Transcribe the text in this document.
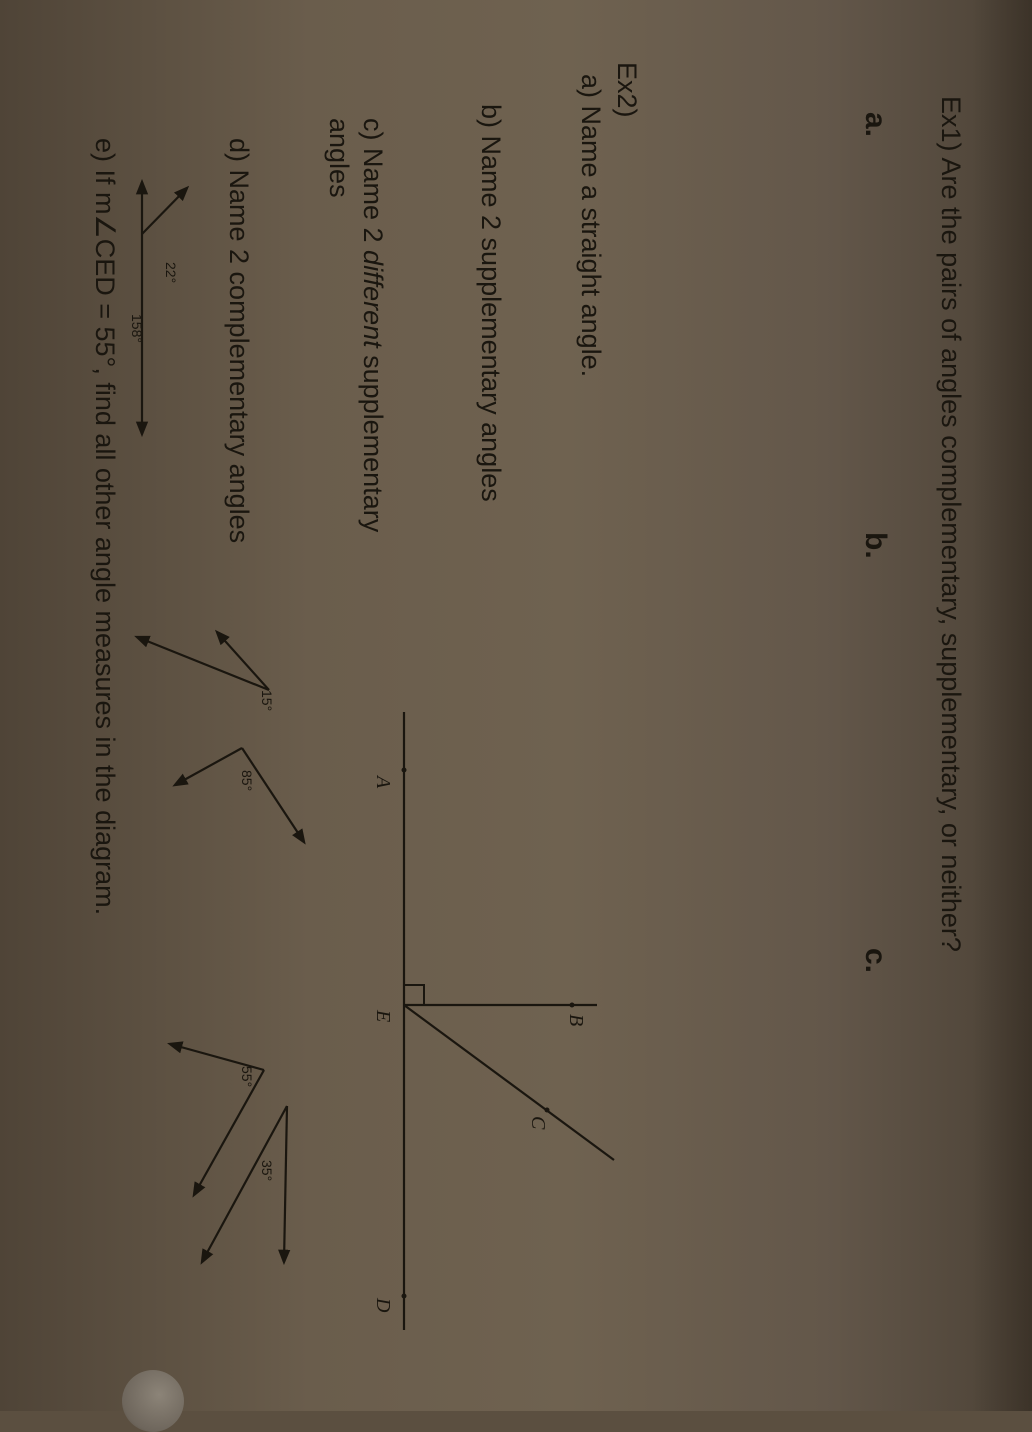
Ex1) Are the pairs of angles complementary, supplementary, or neither?
a.
b.
c.
22°
158°
15°
85°
55°
35°
A
B
C
D
E
Ex2)
a) Name a straight angle.
b) Name 2 supplementary angles
c) Name 2 different supplementary
angles
d) Name 2 complementary angles
e) If m∠CED = 55°, find all other angle measures in the diagram.
